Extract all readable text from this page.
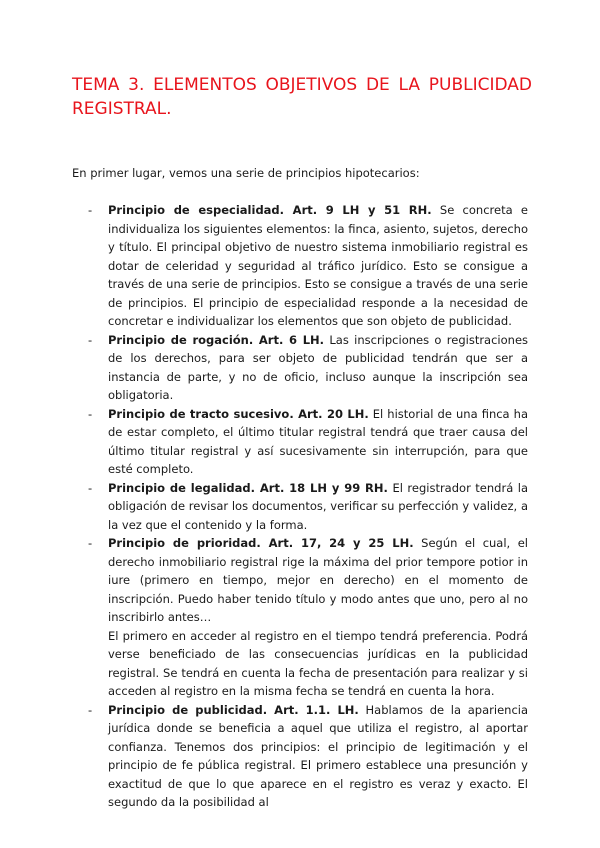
TEMA 3. ELEMENTOS OBJETIVOS DE LA PUBLICIDAD REGISTRAL.

En primer lugar, vemos una serie de principios hipotecarios:

-	Principio de especialidad. Art. 9 LH y 51 RH. Se concreta e individualiza los siguientes elementos: la finca, asiento, sujetos, derecho y título. El principal objetivo de nuestro sistema inmobiliario registral es dotar de celeridad y seguridad al tráfico jurídico. Esto se consigue a través de una serie de principios. Esto se consigue a través de una serie de principios. El principio de especialidad responde a la necesidad de concretar e individualizar los elementos que son objeto de publicidad.

-	Principio de rogación. Art. 6 LH. Las inscripciones o registraciones de los derechos, para ser objeto de publicidad tendrán que ser a instancia de parte, y no de oficio, incluso aunque la inscripción sea obligatoria.

-	Principio de tracto sucesivo. Art. 20 LH. El historial de una finca ha de estar completo, el último titular registral tendrá que traer causa del último titular registral y así sucesivamente sin interrupción, para que esté completo.

-	Principio de legalidad. Art. 18 LH y 99 RH. El registrador tendrá la obligación de revisar los documentos, verificar su perfección y validez, a la vez que el contenido y la forma.

-	Principio de prioridad. Art. 17, 24 y 25 LH. Según el cual, el derecho inmobiliario registral rige la máxima del prior tempore potior in iure (primero en tiempo, mejor en derecho) en el momento de inscripción. Puedo haber tenido título y modo antes que uno, pero al no inscribirlo antes…

El primero en acceder al registro en el tiempo tendrá preferencia. Podrá verse beneficiado de las consecuencias jurídicas en la publicidad registral. Se tendrá en cuenta la fecha de presentación para realizar y si acceden al registro en la misma fecha se tendrá en cuenta la hora.

-	Principio de publicidad. Art. 1.1. LH. Hablamos de la apariencia jurídica donde se beneficia a aquel que utiliza el registro, al aportar confianza. Tenemos dos principios: el principio de legitimación y el principio de fe pública registral. El primero establece una presunción y exactitud de que lo que aparece en el registro es veraz y exacto. El segundo da la posibilidad al
